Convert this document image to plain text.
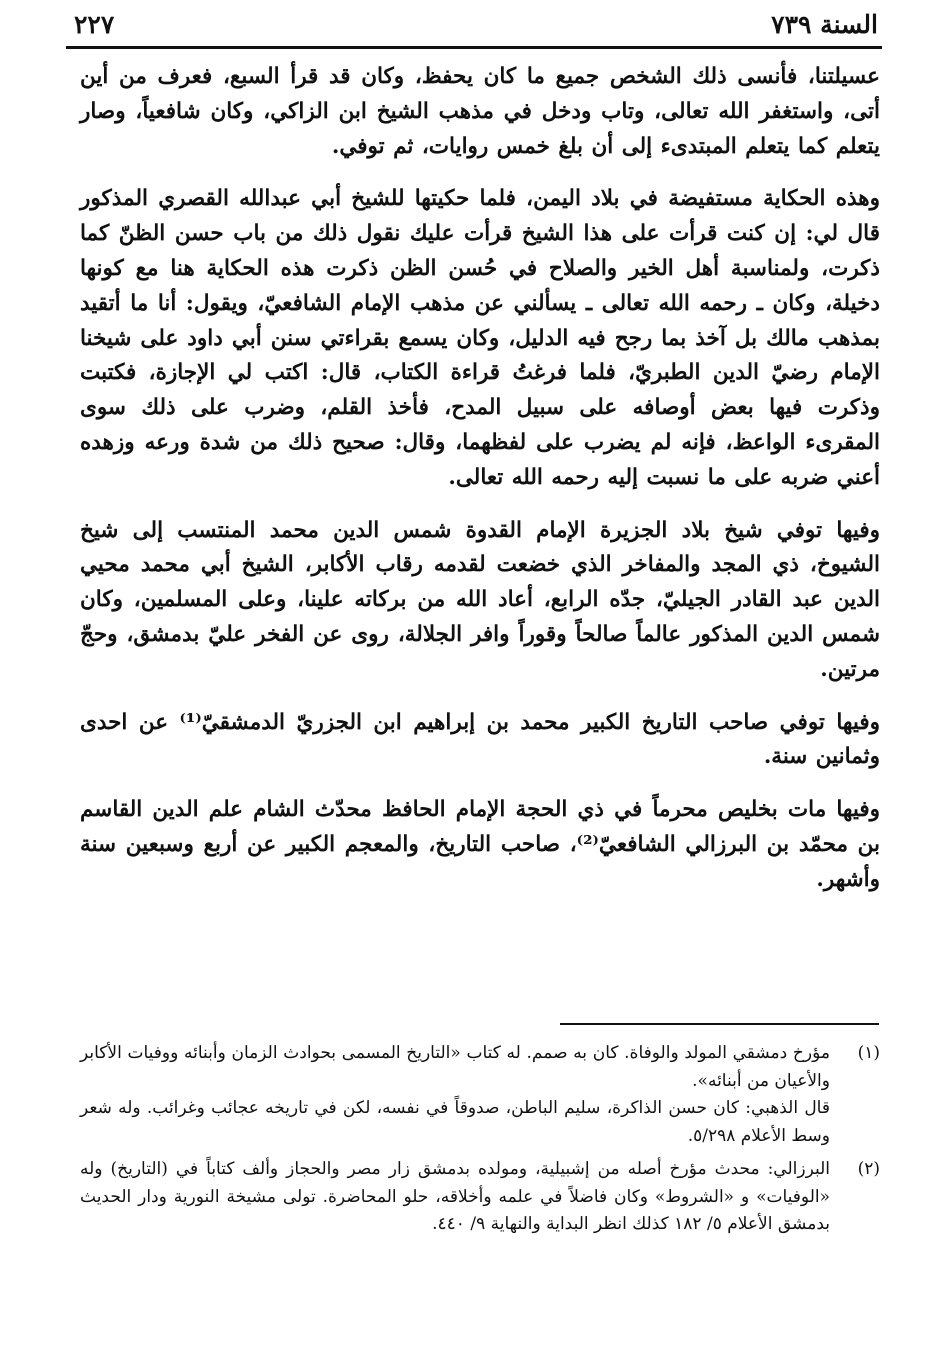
السنة ٧٣٩
٢٢٧

عسيلتنا، فأنسى ذلك الشخص جميع ما كان يحفظ، وكان قد قرأ السبع، فعرف من أين أتى، واستغفر الله تعالى، وتاب ودخل في مذهب الشيخ ابن الزاكي، وكان شافعياً، وصار يتعلم كما يتعلم المبتدىء إلى أن بلغ خمس روايات، ثم توفي.

وهذه الحكاية مستفيضة في بلاد اليمن، فلما حكيتها للشيخ أبي عبدالله القصري المذكور قال لي: إن كنت قرأت على هذا الشيخ قرأت عليك نقول ذلك من باب حسن الظنّ كما ذكرت، ولمناسبة أهل الخير والصلاح في حُسن الظن ذكرت هذه الحكاية هنا مع كونها دخيلة، وكان ـ رحمه الله تعالى ـ يسألني عن مذهب الإمام الشافعيّ، ويقول: أنا ما أتقيد بمذهب مالك بل آخذ بما رجح فيه الدليل، وكان يسمع بقراءتي سنن أبي داود على شيخنا الإمام رضيّ الدين الطبريّ، فلما فرغتُ قراءة الكتاب، قال: اكتب لي الإجازة، فكتبت وذكرت فيها بعض أوصافه على سبيل المدح، فأخذ القلم، وضرب على ذلك سوى المقرىء الواعظ، فإنه لم يضرب على لفظهما، وقال: صحيح ذلك من شدة ورعه وزهده أعني ضربه على ما نسبت إليه رحمه الله تعالى.

وفيها توفي شيخ بلاد الجزيرة الإمام القدوة شمس الدين محمد المنتسب إلى شيخ الشيوخ، ذي المجد والمفاخر الذي خضعت لقدمه رقاب الأكابر، الشيخ أبي محمد محيي الدين عبد القادر الجيليّ، جدّه الرابع، أعاد الله من بركاته علينا، وعلى المسلمين، وكان شمس الدين المذكور عالماً صالحاً وقوراً وافر الجلالة، روى عن الفخر عليّ بدمشق، وحجّ مرتين.

وفيها توفي صاحب التاريخ الكبير محمد بن إبراهيم ابن الجزريّ الدمشقيّ⁽¹⁾ عن احدى وثمانين سنة.

وفيها مات بخليص محرماً في ذي الحجة الإمام الحافظ محدّث الشام علم الدين القاسم بن محمّد بن البرزالي الشافعيّ⁽²⁾، صاحب التاريخ، والمعجم الكبير عن أربع وسبعين سنة وأشهر.

(١)

مؤرخ دمشقي المولد والوفاة. كان به صمم. له كتاب «التاريخ المسمى بحوادث الزمان وأبنائه ووفيات الأكابر والأعيان من أبنائه».

قال الذهبي: كان حسن الذاكرة، سليم الباطن، صدوقاً في نفسه، لكن في تاريخه عجائب وغرائب. وله شعر وسط الأعلام ٥/٢٩٨.

(٢)

البرزالي: محدث مؤرخ أصله من إشبيلية، ومولده بدمشق زار مصر والحجاز وألف كتاباً في (التاريخ) وله «الوفيات» و «الشروط» وكان فاضلاً في علمه وأخلاقه، حلو المحاضرة. تولى مشيخة النورية ودار الحديث بدمشق الأعلام ٥/ ١٨٢ كذلك انظر البداية والنهاية ٩/ ٤٤٠.
